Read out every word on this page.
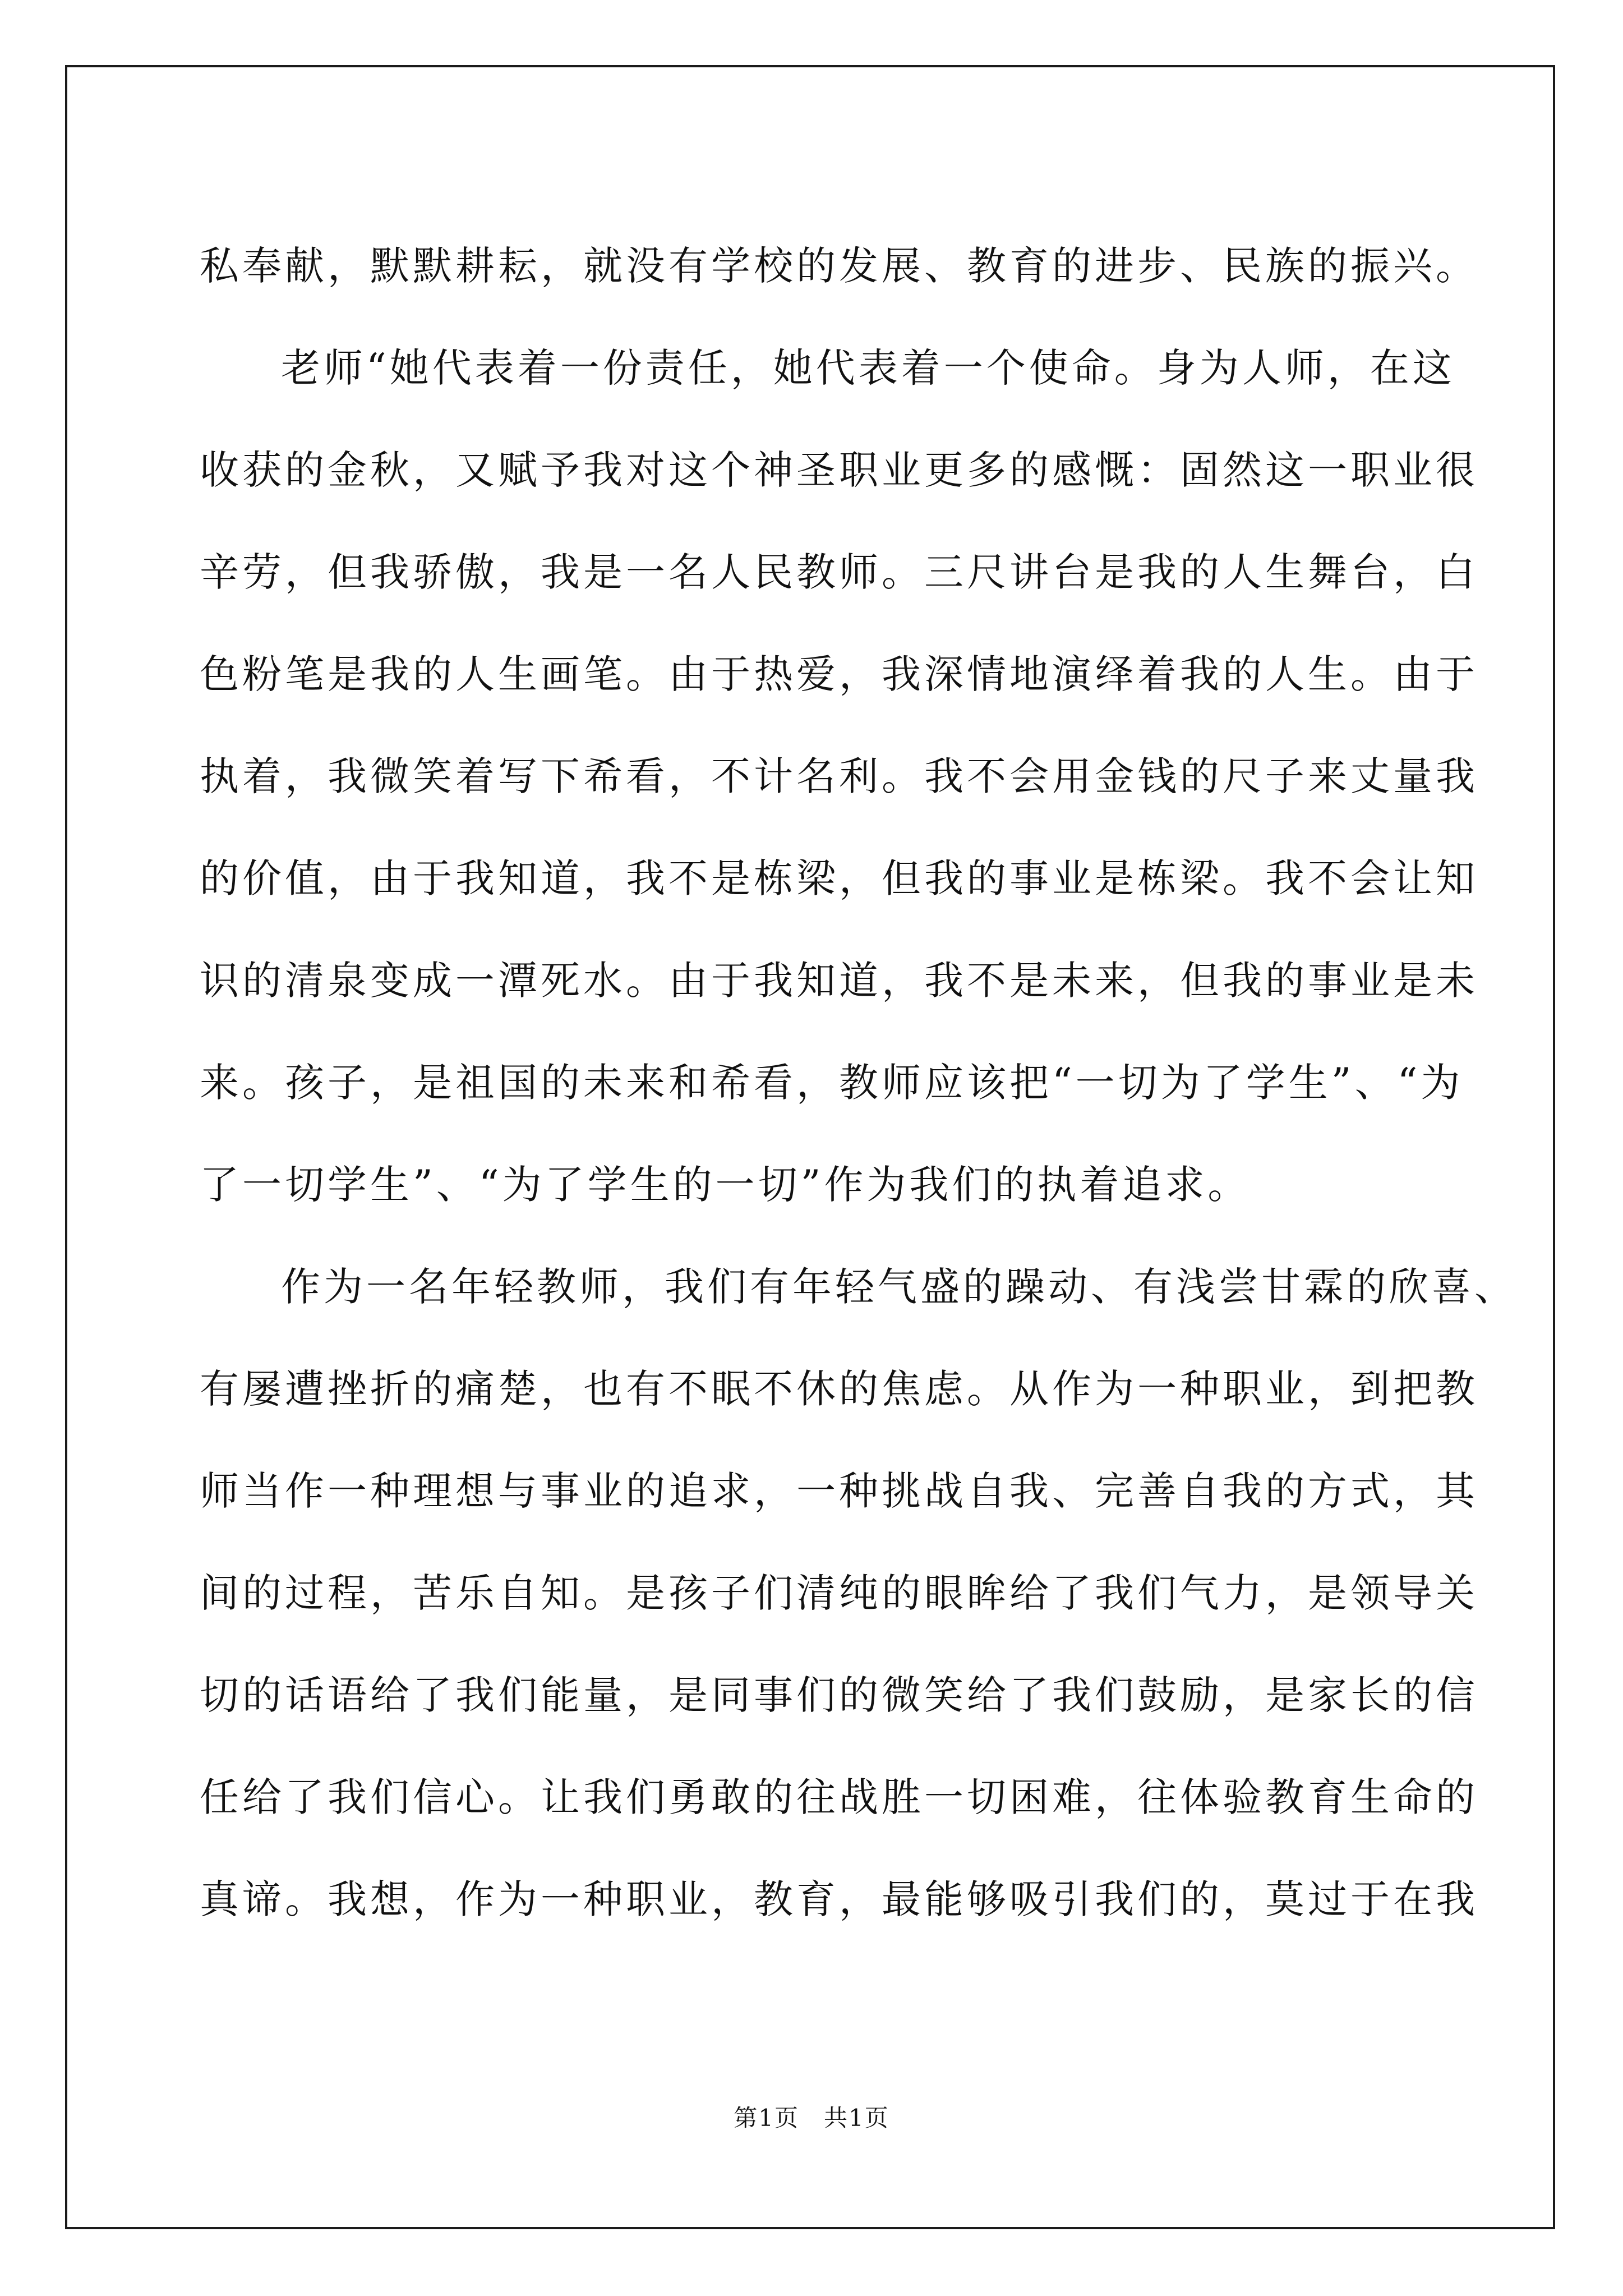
私奉献，默默耕耘，就没有学校的发展、教育的进步、民族的振兴。
老师“她代表着一份责任，她代表着一个使命。身为人师，在这
收获的金秋，又赋予我对这个神圣职业更多的感慨：固然这一职业很
辛劳，但我骄傲，我是一名人民教师。三尺讲台是我的人生舞台，白
色粉笔是我的人生画笔。由于热爱，我深情地演绎着我的人生。由于
执着，我微笑着写下希看，不计名利。我不会用金钱的尺子来丈量我
的价值，由于我知道，我不是栋梁，但我的事业是栋梁。我不会让知
识的清泉变成一潭死水。由于我知道，我不是未来，但我的事业是未
来。孩子，是祖国的未来和希看，教师应该把“一切为了学生”、“为
了一切学生”、“为了学生的一切”作为我们的执着追求。
作为一名年轻教师，我们有年轻气盛的躁动、有浅尝甘霖的欣喜、
有屡遭挫折的痛楚，也有不眠不休的焦虑。从作为一种职业，到把教
师当作一种理想与事业的追求，一种挑战自我、完善自我的方式，其
间的过程，苦乐自知。是孩子们清纯的眼眸给了我们气力，是领导关
切的话语给了我们能量，是同事们的微笑给了我们鼓励，是家长的信
任给了我们信心。让我们勇敢的往战胜一切困难，往体验教育生命的
真谛。我想，作为一种职业，教育，最能够吸引我们的，莫过于在我
第1页　共1页
